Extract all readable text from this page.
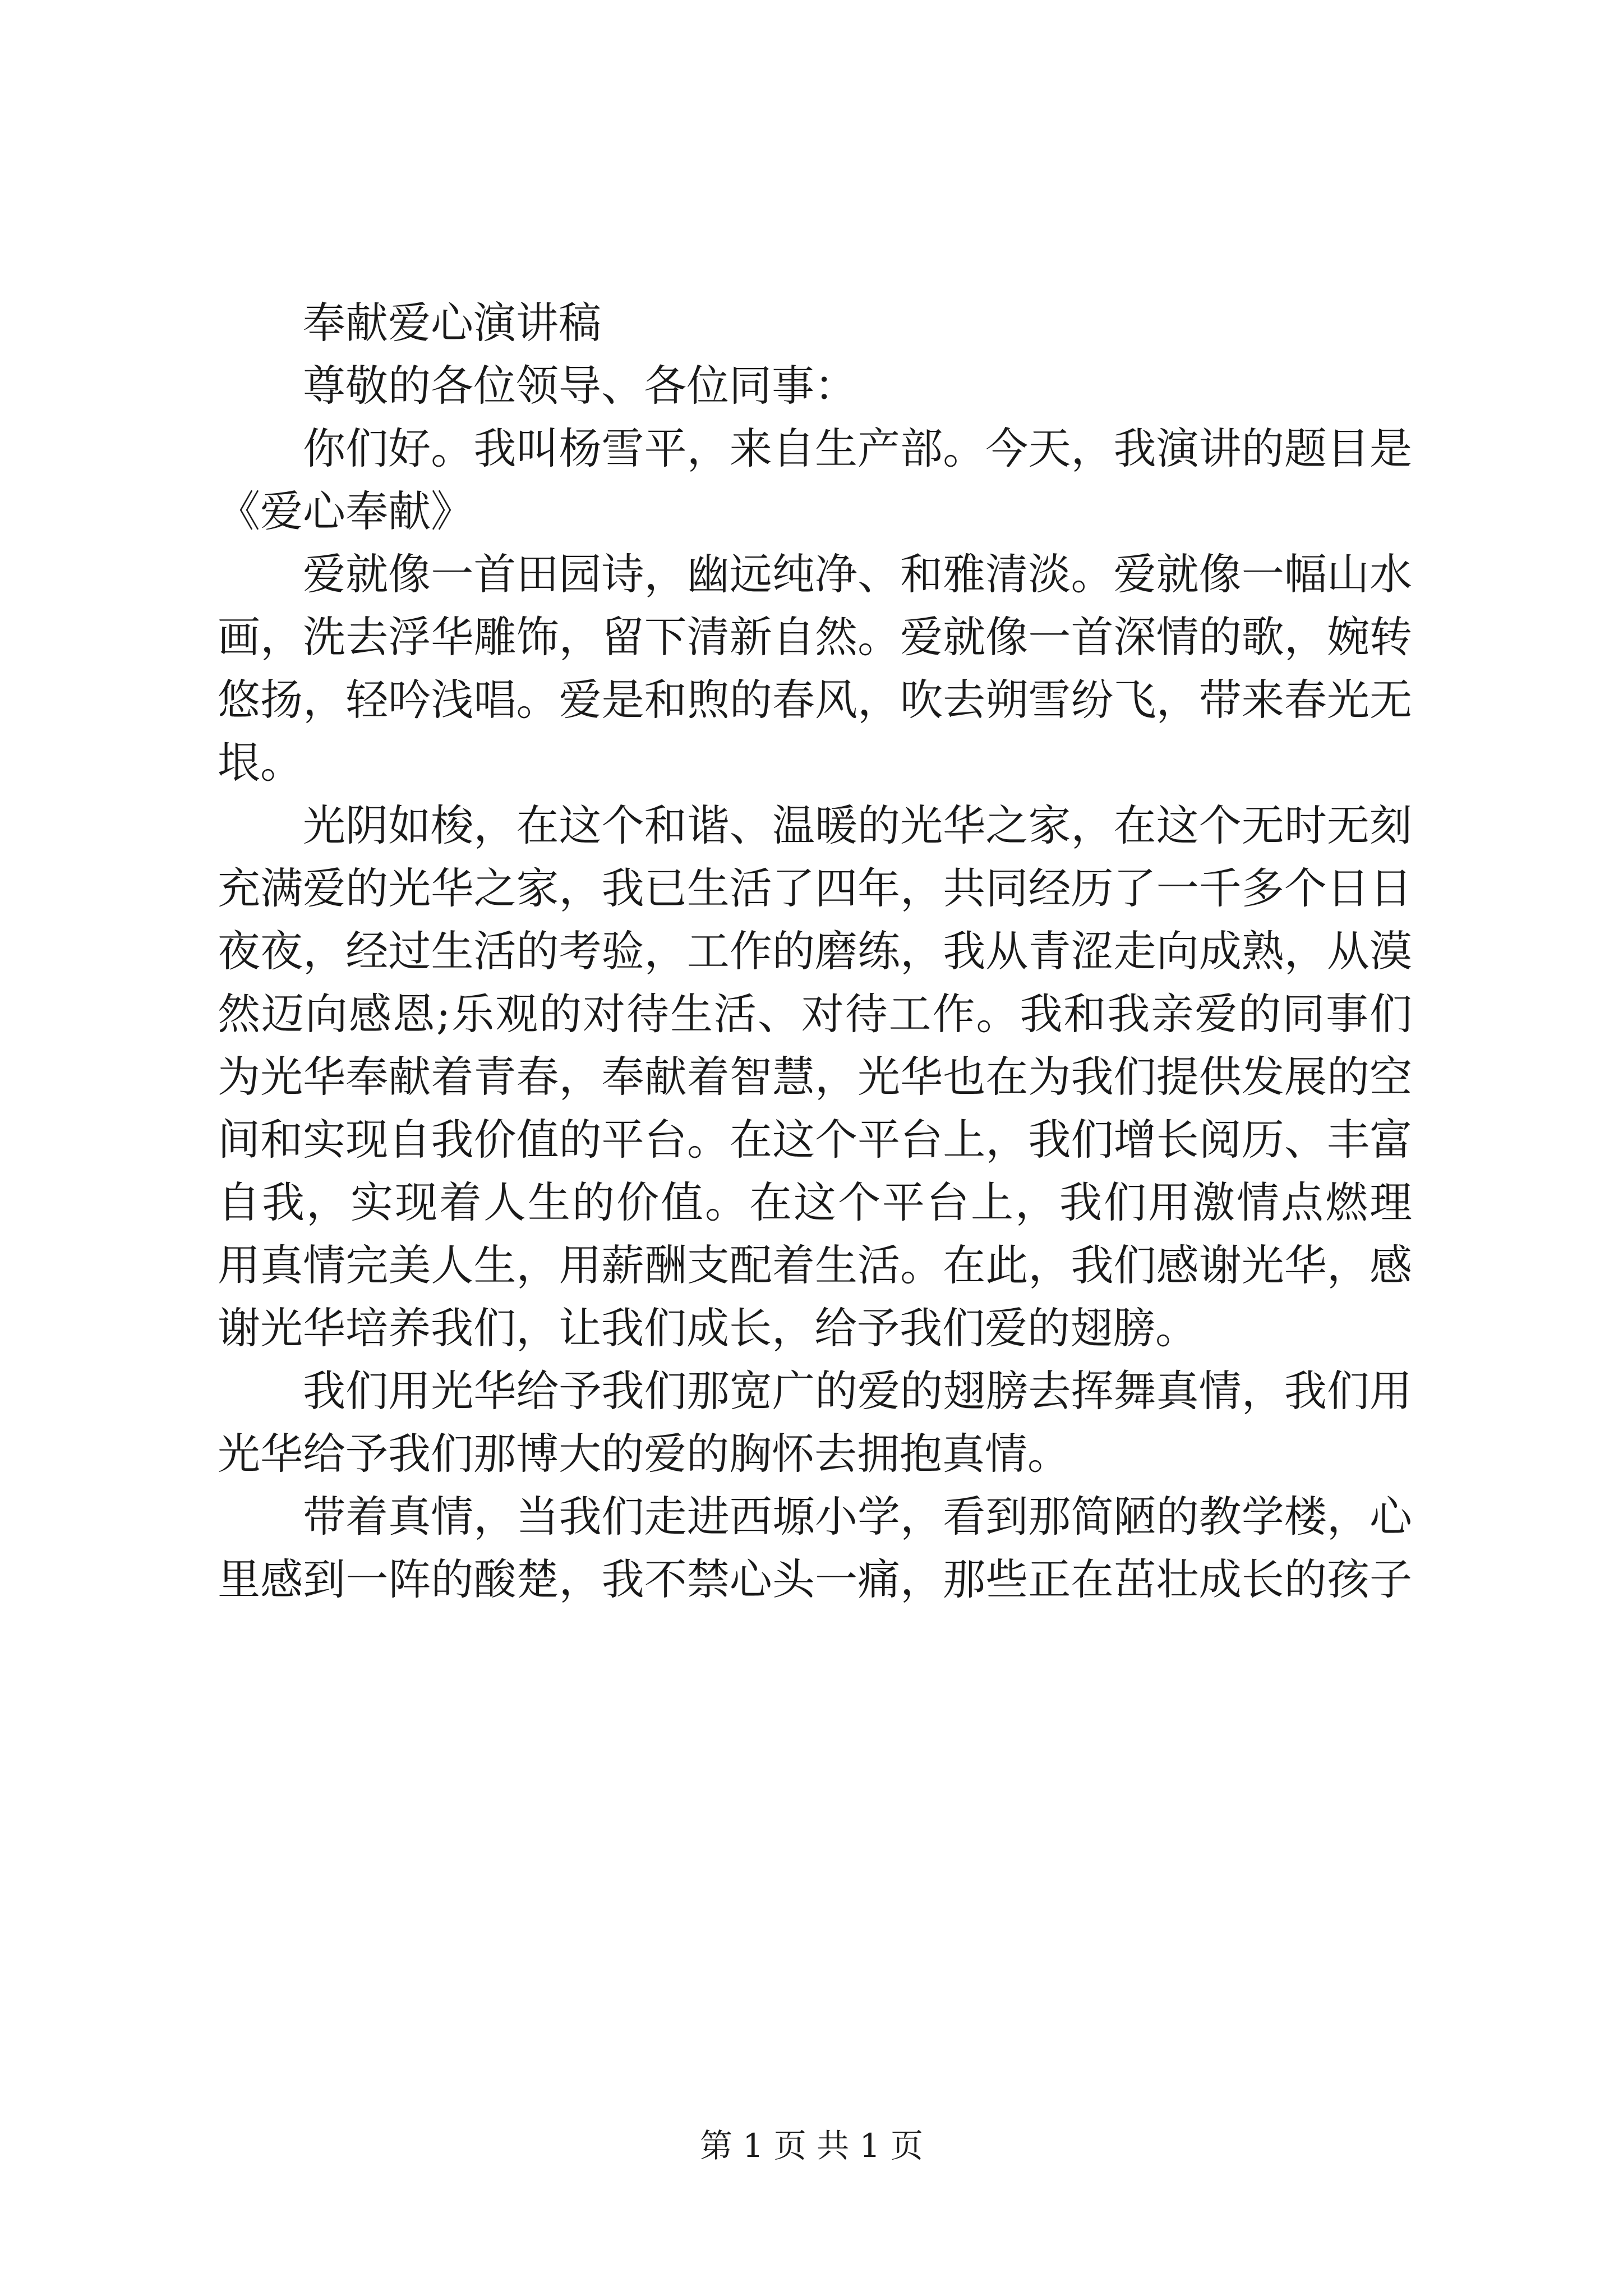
奉献爱心演讲稿

尊敬的各位领导、各位同事：

你们好。我叫杨雪平，来自生产部。今天，我演讲的题目是

《爱心奉献》

爱就像一首田园诗，幽远纯净、和雅清淡。爱就像一幅山水

画，洗去浮华雕饰，留下清新自然。爱就像一首深情的歌，婉转

悠扬，轻吟浅唱。爱是和煦的春风，吹去朔雪纷飞，带来春光无

垠。

光阴如梭，在这个和谐、温暖的光华之家，在这个无时无刻

充满爱的光华之家，我已生活了四年，共同经历了一千多个日日

夜夜，经过生活的考验，工作的磨练，我从青涩走向成熟，从漠

然迈向感恩;乐观的对待生活、对待工作。我和我亲爱的同事们

为光华奉献着青春，奉献着智慧，光华也在为我们提供发展的空

间和实现自我价值的平台。在这个平台上，我们增长阅历、丰富

自我，实现着人生的价值。在这个平台上，我们用激情点燃理

用真情完美人生，用薪酬支配着生活。在此，我们感谢光华，感

谢光华培养我们，让我们成长，给予我们爱的翅膀。

我们用光华给予我们那宽广的爱的翅膀去挥舞真情，我们用

光华给予我们那博大的爱的胸怀去拥抱真情。

带着真情，当我们走进西塬小学，看到那简陋的教学楼，心

里感到一阵的酸楚，我不禁心头一痛，那些正在茁壮成长的孩子

第 1 页 共 1 页
